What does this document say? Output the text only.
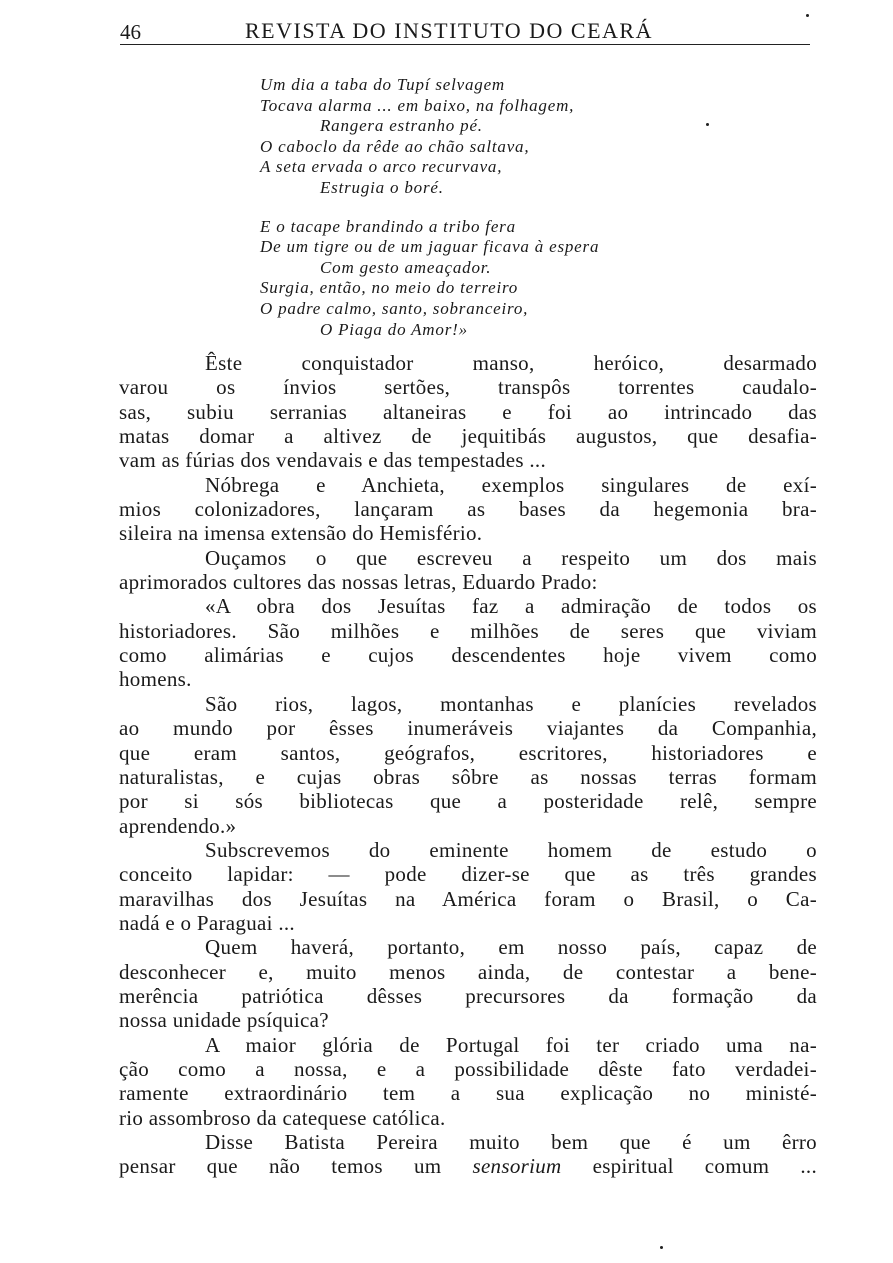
46	REVISTA DO INSTITUTO DO CEARÁ
Um dia a taba do Tupí selvagem
Tocava alarma ... em baixo, na folhagem,
Rangera estranho pé.
O caboclo da rêde ao chão saltava,
A seta ervada o arco recurvava,
Estrugia o boré.
E o tacape brandindo a tribo fera
De um tigre ou de um jaguar ficava à espera
Com gesto ameaçador.
Surgia, então, no meio do terreiro
O padre calmo, santo, sobranceiro,
O Piaga do Amor!»
Êste conquistador manso, heróico, desarmado
varou os ínvios sertões, transpôs torrentes caudalo-
sas, subiu serranias altaneiras e foi ao intrincado das
matas domar a altivez de jequitibás augustos, que desafia-
vam as fúrias dos vendavais e das tempestades ...
Nóbrega e Anchieta, exemplos singulares de exí-
mios colonizadores, lançaram as bases da hegemonia bra-
sileira na imensa extensão do Hemisfério.
Ouçamos o que escreveu a respeito um dos mais
aprimorados cultores das nossas letras, Eduardo Prado:
«A obra dos Jesuítas faz a admiração de todos os
historiadores. São milhões e milhões de seres que viviam
como alimárias e cujos descendentes hoje vivem como
homens.
São rios, lagos, montanhas e planícies revelados
ao mundo por êsses inumeráveis viajantes da Companhia,
que eram santos, geógrafos, escritores, historiadores e
naturalistas, e cujas obras sôbre as nossas terras formam
por si sós bibliotecas que a posteridade relê, sempre
aprendendo.»
Subscrevemos do eminente homem de estudo o
conceito lapidar: — pode dizer-se que as três grandes
maravilhas dos Jesuítas na América foram o Brasil, o Ca-
nadá e o Paraguai ...
Quem haverá, portanto, em nosso país, capaz de
desconhecer e, muito menos ainda, de contestar a bene-
merência patriótica dêsses precursores da formação da
nossa unidade psíquica?
A maior glória de Portugal foi ter criado uma na-
ção como a nossa, e a possibilidade dêste fato verdadei-
ramente extraordinário tem a sua explicação no ministé-
rio assombroso da catequese católica.
Disse Batista Pereira muito bem que é um êrro
pensar que não temos um sensorium espiritual comum ...
